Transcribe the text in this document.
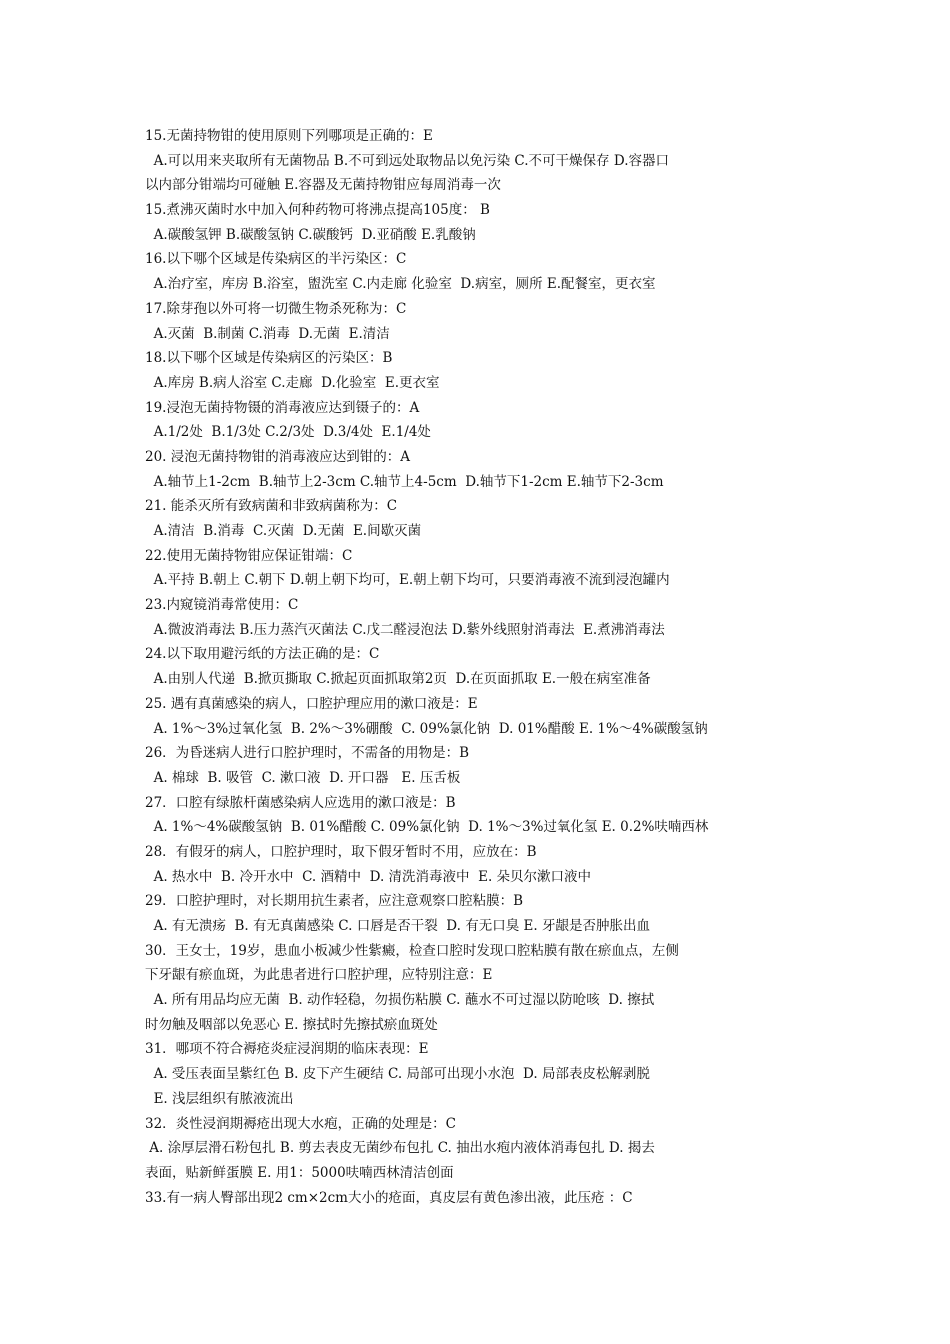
15.无菌持物钳的使用原则下列哪项是正确的：E
A.可以用来夹取所有无菌物品 B.不可到远处取物品以免污染 C.不可干燥保存 D.容器口
以内部分钳端均可碰触 E.容器及无菌持物钳应每周消毒一次
15.煮沸灭菌时水中加入何种药物可将沸点提高105度： B
A.碳酸氢钾 B.碳酸氢钠 C.碳酸钙  D.亚硝酸 E.乳酸钠
16.以下哪个区域是传染病区的半污染区：C
A.治疗室，库房 B.浴室，盥洗室 C.内走廊 化验室  D.病室，厕所 E.配餐室，更衣室
17.除芽孢以外可将一切微生物杀死称为：C
A.灭菌  B.制菌 C.消毒  D.无菌  E.清洁
18.以下哪个区域是传染病区的污染区：B
A.库房 B.病人浴室 C.走廊  D.化验室  E.更衣室
19.浸泡无菌持物镊的消毒液应达到镊子的：A
A.1/2处  B.1/3处 C.2/3处  D.3/4处  E.1/4处
20. 浸泡无菌持物钳的消毒液应达到钳的：A
A.轴节上1-2cm  B.轴节上2-3cm C.轴节上4-5cm  D.轴节下1-2cm E.轴节下2-3cm
21. 能杀灭所有致病菌和非致病菌称为：C
A.清洁  B.消毒  C.灭菌  D.无菌  E.间歇灭菌
22.使用无菌持物钳应保证钳端：C
A.平持 B.朝上 C.朝下 D.朝上朝下均可，E.朝上朝下均可，只要消毒液不流到浸泡罐内
23.内窥镜消毒常使用：C
A.微波消毒法 B.压力蒸汽灭菌法 C.戊二醛浸泡法 D.紫外线照射消毒法  E.煮沸消毒法
24.以下取用避污纸的方法正确的是：C
A.由别人代递  B.掀页撕取 C.掀起页面抓取第2页  D.在页面抓取 E.一般在病室准备
25. 遇有真菌感染的病人，口腔护理应用的漱口液是：E
A. 1%～3%过氧化氢  B. 2%～3%硼酸  C. 09%氯化钠  D. 01%醋酸 E. 1%～4%碳酸氢钠
26．为昏迷病人进行口腔护理时，不需备的用物是：B
A. 棉球  B. 吸管  C. 漱口液  D. 开口器   E. 压舌板
27．口腔有绿脓杆菌感染病人应选用的漱口液是：B
A. 1%～4%碳酸氢钠  B. 01%醋酸 C. 09%氯化钠  D. 1%～3%过氧化氢 E. 0.2%呋喃西林
28．有假牙的病人，口腔护理时，取下假牙暂时不用，应放在：B
A. 热水中  B. 冷开水中  C. 酒精中  D. 清洗消毒液中  E. 朵贝尔漱口液中
29．口腔护理时，对长期用抗生素者，应注意观察口腔粘膜：B
A. 有无溃疡  B. 有无真菌感染 C. 口唇是否干裂  D. 有无口臭 E. 牙龈是否肿胀出血
30．王女士，19岁，患血小板减少性紫癜，检查口腔时发现口腔粘膜有散在瘀血点，左侧
下牙龈有瘀血斑，为此患者进行口腔护理，应特别注意：E
A. 所有用品均应无菌  B. 动作轻稳，勿损伤粘膜 C. 蘸水不可过湿以防呛咳  D. 擦拭
时勿触及咽部以免恶心 E. 擦拭时先擦拭瘀血斑处
31．哪项不符合褥疮炎症浸润期的临床表现：E
A. 受压表面呈紫红色 B. 皮下产生硬结 C. 局部可出现小水泡  D. 局部表皮松解剥脱
E. 浅层组织有脓液流出
32．炎性浸润期褥疮出现大水疱，正确的处理是：C
A. 涂厚层滑石粉包扎 B. 剪去表皮无菌纱布包扎 C. 抽出水疱内液体消毒包扎 D. 揭去
表面，贴新鲜蛋膜 E. 用1：5000呋喃西林清洁创面
33.有一病人臀部出现2 cm×2cm大小的疮面，真皮层有黄色渗出液，此压疮 ：C
